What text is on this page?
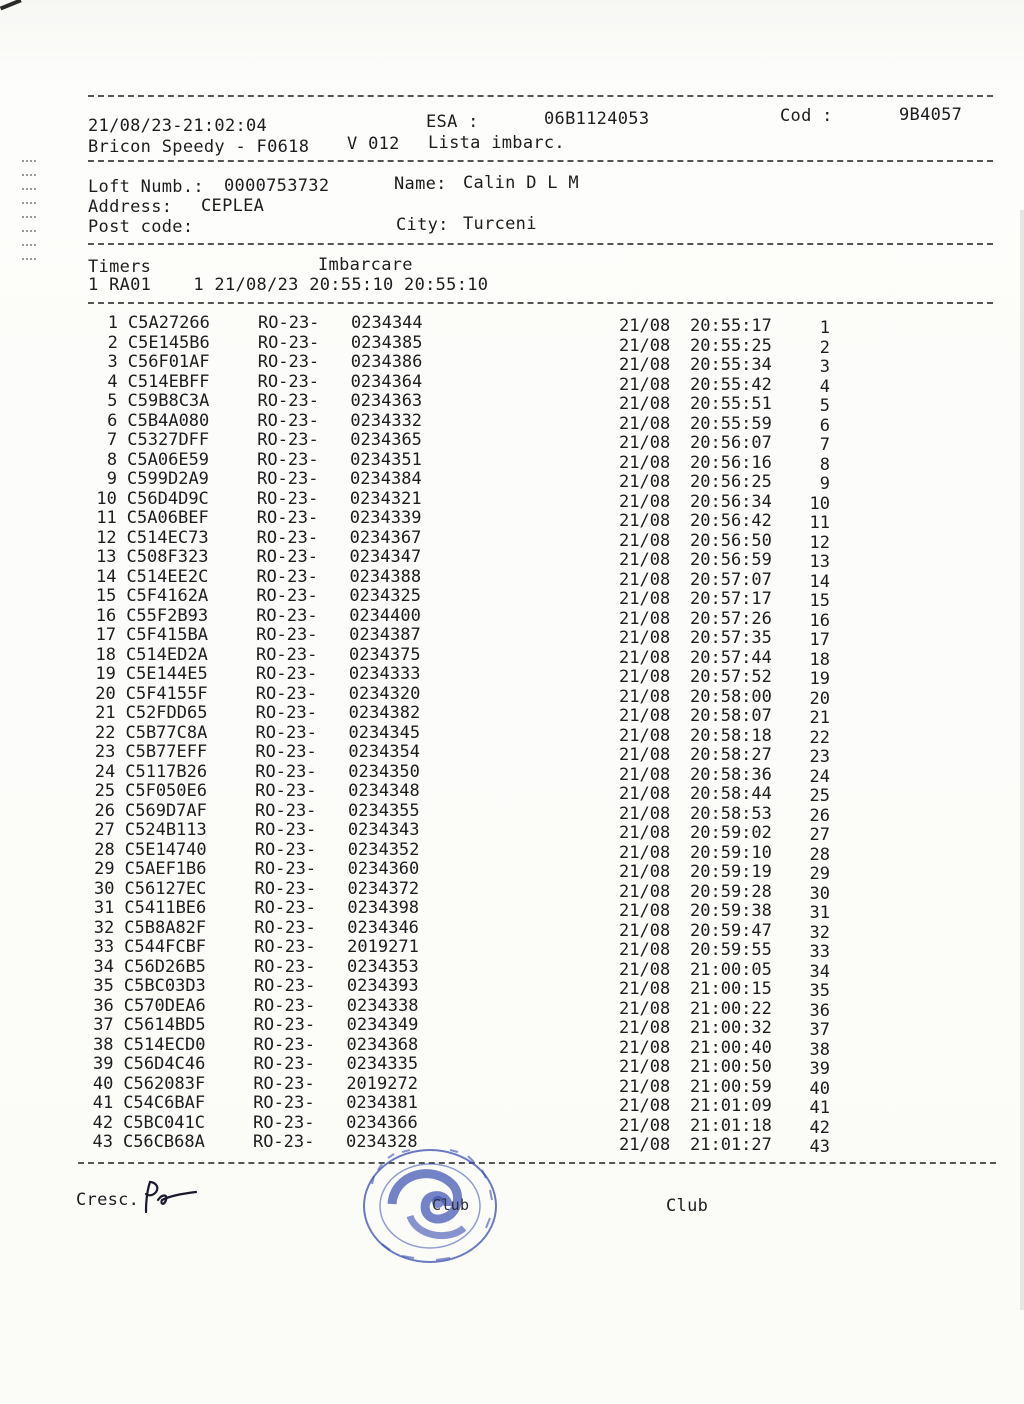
21/08/23-21:02:04	ESA :	06B1124053	Cod :	9B4057
Bricon Speedy - F0618 V 012 Lista imbarc.
Loft Numb.: 0000753732	Name: Calin D L M
Address: CEPLEA
Post code:	City: Turceni
Timers	Imbarcare
1 RA01    1 21/08/23 20:55:10 20:55:10
1 C5A27266	RO-23- 0234344	21/08 20:55:17	1
2 C5E145B6	RO-23- 0234385	21/08 20:55:25	2
3 C56F01AF	RO-23- 0234386	21/08 20:55:34	3
4 C514EBFF	RO-23- 0234364	21/08 20:55:42	4
5 C59B8C3A	RO-23- 0234363	21/08 20:55:51	5
6 C5B4A080	RO-23- 0234332	21/08 20:55:59	6
7 C5327DFF	RO-23- 0234365	21/08 20:56:07	7
8 C5A06E59	RO-23- 0234351	21/08 20:56:16	8
9 C599D2A9	RO-23- 0234384	21/08 20:56:25	9
10 C56D4D9C	RO-23- 0234321	21/08 20:56:34	10
11 C5A06BEF	RO-23- 0234339	21/08 20:56:42	11
12 C514EC73	RO-23- 0234367	21/08 20:56:50	12
13 C508F323	RO-23- 0234347	21/08 20:56:59	13
14 C514EE2C	RO-23- 0234388	21/08 20:57:07	14
15 C5F4162A	RO-23- 0234325	21/08 20:57:17	15
16 C55F2B93	RO-23- 0234400	21/08 20:57:26	16
17 C5F415BA	RO-23- 0234387	21/08 20:57:35	17
18 C514ED2A	RO-23- 0234375	21/08 20:57:44	18
19 C5E144E5	RO-23- 0234333	21/08 20:57:52	19
20 C5F4155F	RO-23- 0234320	21/08 20:58:00	20
21 C52FDD65	RO-23- 0234382	21/08 20:58:07	21
22 C5B77C8A	RO-23- 0234345	21/08 20:58:18	22
23 C5B77EFF	RO-23- 0234354	21/08 20:58:27	23
24 C5117B26	RO-23- 0234350	21/08 20:58:36	24
25 C5F050E6	RO-23- 0234348	21/08 20:58:44	25
26 C569D7AF	RO-23- 0234355	21/08 20:58:53	26
27 C524B113	RO-23- 0234343	21/08 20:59:02	27
28 C5E14740	RO-23- 0234352	21/08 20:59:10	28
29 C5AEF1B6	RO-23- 0234360	21/08 20:59:19	29
30 C56127EC	RO-23- 0234372	21/08 20:59:28	30
31 C5411BE6	RO-23- 0234398	21/08 20:59:38	31
32 C5B8A82F	RO-23- 0234346	21/08 20:59:47	32
33 C544FCBF	RO-23- 2019271	21/08 20:59:55	33
34 C56D26B5	RO-23- 0234353	21/08 21:00:05	34
35 C5BC03D3	RO-23- 0234393	21/08 21:00:15	35
36 C570DEA6	RO-23- 0234338	21/08 21:00:22	36
37 C5614BD5	RO-23- 0234349	21/08 21:00:32	37
38 C514ECD0	RO-23- 0234368	21/08 21:00:40	38
39 C56D4C46	RO-23- 0234335	21/08 21:00:50	39
40 C562083F	RO-23- 2019272	21/08 21:00:59	40
41 C54C6BAF	RO-23- 0234381	21/08 21:01:09	41
42 C5BC041C	RO-23- 0234366	21/08 21:01:18	42
43 C56CB68A	RO-23- 0234328	21/08 21:01:27	43
Cresc.	Club	Club
